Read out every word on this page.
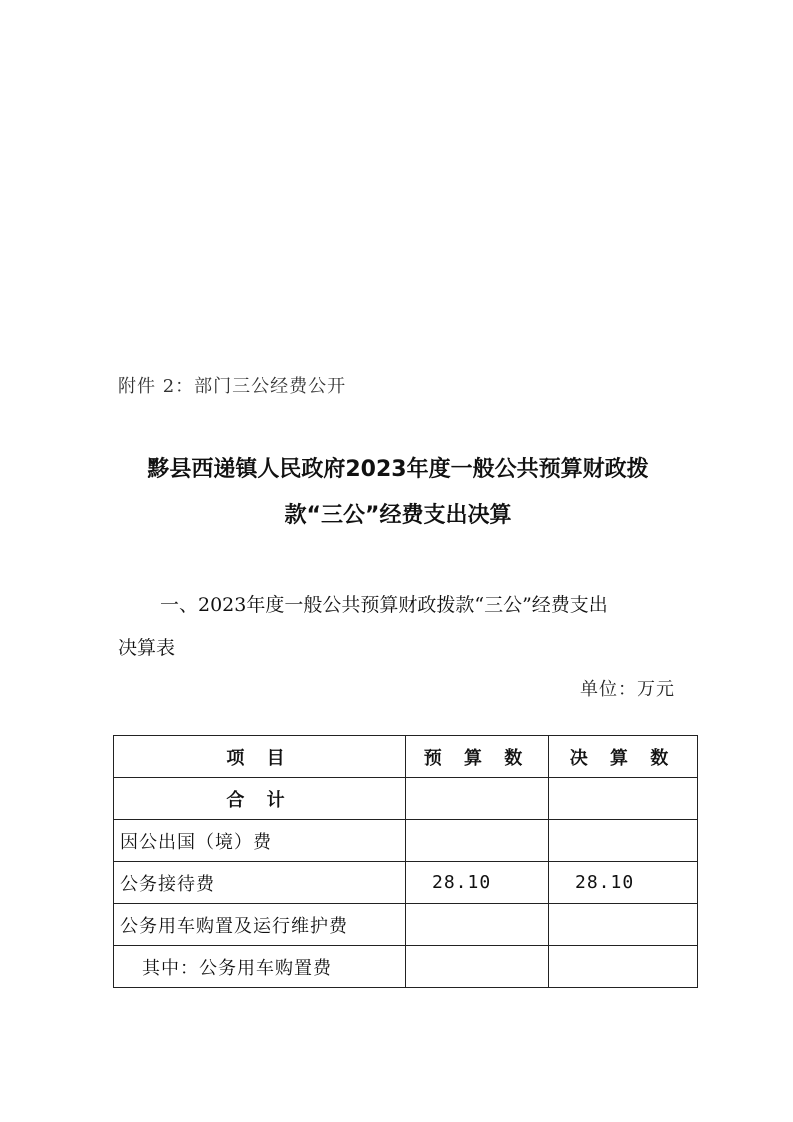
附件 2：部门三公经费公开
黟县西递镇人民政府2023年度一般公共预算财政拨
款“三公”经费支出决算
一、2023年度一般公共预算财政拨款“三公”经费支出
决算表
单位：万元
项 目	预 算 数	决 算 数
合 计		
因公出国（境）费		
公务接待费	28.10	28.10
公务用车购置及运行维护费		
其中：公务用车购置费		
